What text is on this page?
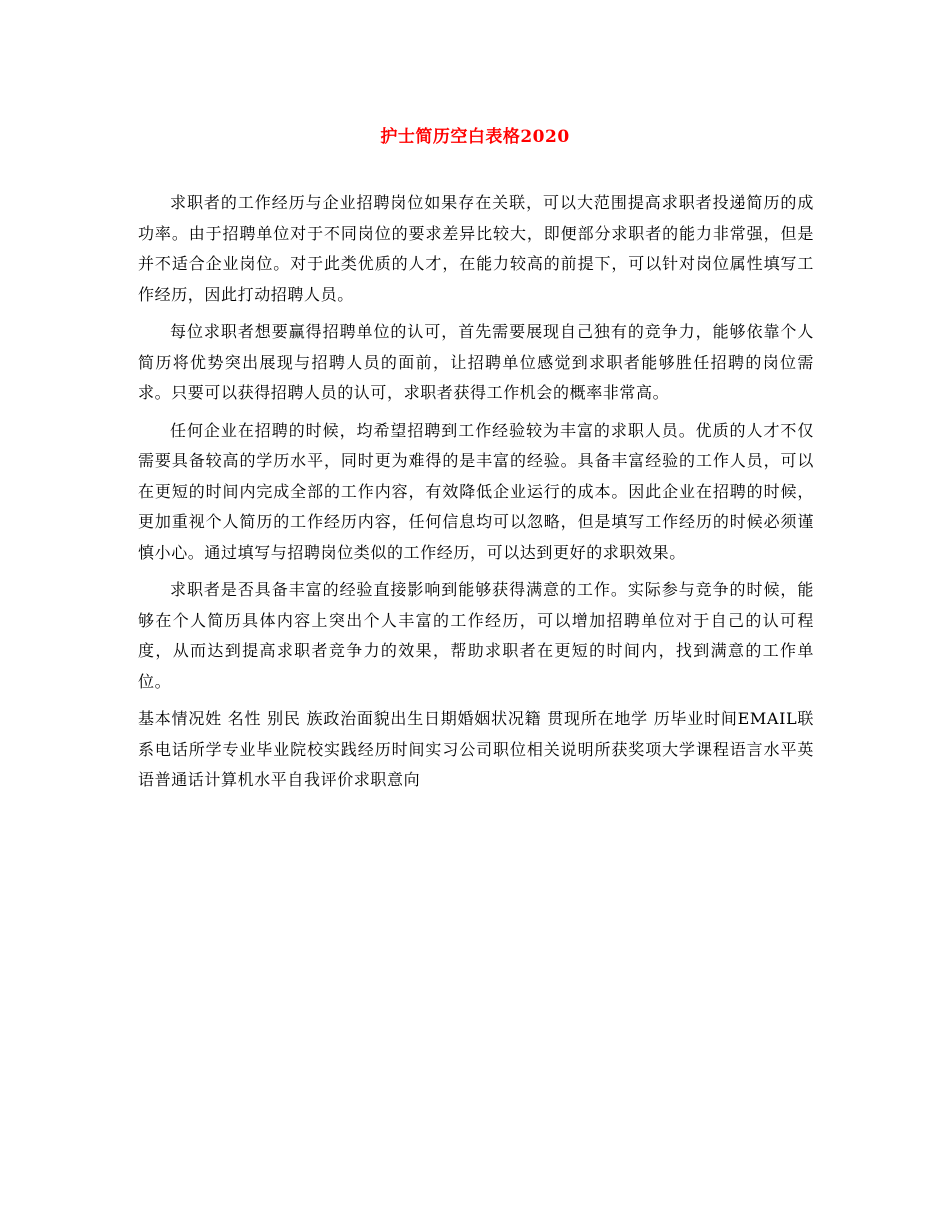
护士简历空白表格2020

求职者的工作经历与企业招聘岗位如果存在关联，可以大范围提高求职者投递简历的成功率。由于招聘单位对于不同岗位的要求差异比较大，即便部分求职者的能力非常强，但是并不适合企业岗位。对于此类优质的人才，在能力较高的前提下，可以针对岗位属性填写工作经历，因此打动招聘人员。

每位求职者想要赢得招聘单位的认可，首先需要展现自己独有的竞争力，能够依靠个人简历将优势突出展现与招聘人员的面前，让招聘单位感觉到求职者能够胜任招聘的岗位需求。只要可以获得招聘人员的认可，求职者获得工作机会的概率非常高。

任何企业在招聘的时候，均希望招聘到工作经验较为丰富的求职人员。优质的人才不仅需要具备较高的学历水平，同时更为难得的是丰富的经验。具备丰富经验的工作人员，可以在更短的时间内完成全部的工作内容，有效降低企业运行的成本。因此企业在招聘的时候，更加重视个人简历的工作经历内容，任何信息均可以忽略，但是填写工作经历的时候必须谨慎小心。通过填写与招聘岗位类似的工作经历，可以达到更好的求职效果。

求职者是否具备丰富的经验直接影响到能够获得满意的工作。实际参与竞争的时候，能够在个人简历具体内容上突出个人丰富的工作经历，可以增加招聘单位对于自己的认可程度，从而达到提高求职者竞争力的效果，帮助求职者在更短的时间内，找到满意的工作单位。

基本情况姓 名性 别民 族政治面貌出生日期婚姻状况籍 贯现所在地学 历毕业时间EMAIL联系电话所学专业毕业院校实践经历时间实习公司职位相关说明所获奖项大学课程语言水平英语普通话计算机水平自我评价求职意向
